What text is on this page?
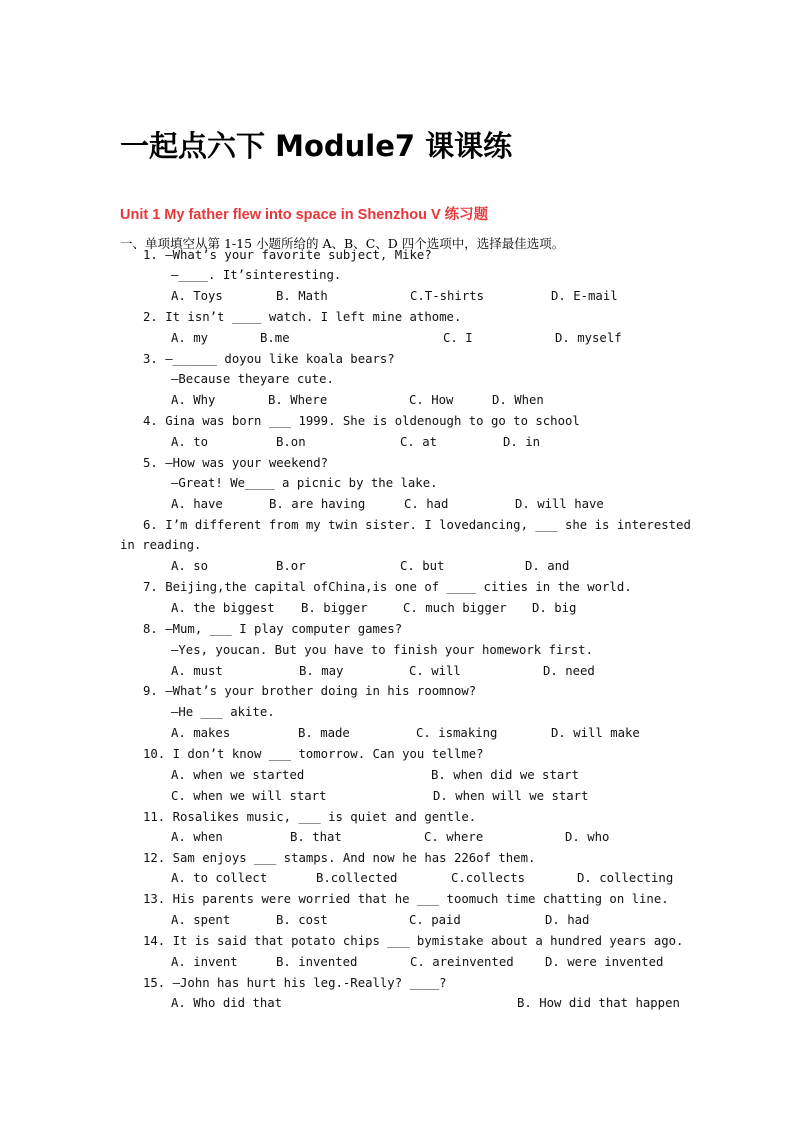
一起点六下 Module7 课课练
Unit 1 My father flew into space in Shenzhou V 练习题
一、单项填空从第 1-15 小题所给的 A、B、C、D 四个选项中，选择最佳选项。
1. —What’s your favorite subject, Mike?
—____. It’sinteresting.
A. Toys	B. Math	C.T-shirts	D. E-mail
2. It isn’t ____ watch. I left mine athome.
A. my	B.me	C. I	D. myself
3. —______ doyou like koala bears?
—Because theyare cute.
A. Why	B. Where	C. How	D. When
4. Gina was born ___ 1999. She is oldenough to go to school
A. to	B.on	C. at	D. in
5. —How was your weekend?
—Great! We____ a picnic by the lake.
A. have	B. are having	C. had	D. will have
6. I’m different from my twin sister. I lovedancing, ___ she is interested
in reading.
A. so	B.or	C. but	D. and
7. Beijing,the capital ofChina,is one of ____ cities in the world.
A. the biggest B. bigger	C. much bigger D. big
8. —Mum, ___ I play computer games?
—Yes, youcan. But you have to finish your homework first.
A. must	B. may	C. will	D. need
9. —What’s your brother doing in his roomnow?
—He ___ akite.
A. makes	B. made	C. ismaking	D. will make
10. I don’t know ___ tomorrow. Can you tellme?
A. when we started	B. when did we start
C. when we will start	D. when will we start
11. Rosalikes music, ___ is quiet and gentle.
A. when	B. that	C. where	D. who
12. Sam enjoys ___ stamps. And now he has 226of them.
A. to collect	B.collected	C.collects	D. collecting
13. His parents were worried that he ___ toomuch time chatting on line.
A. spent	B. cost	C. paid	D. had
14. It is said that potato chips ___ bymistake about a hundred years ago.
A. invent	B. invented	C. areinvented	D. were invented
15. —John has hurt his leg.-Really? ____?
A. Who did that	B. How did that happen
